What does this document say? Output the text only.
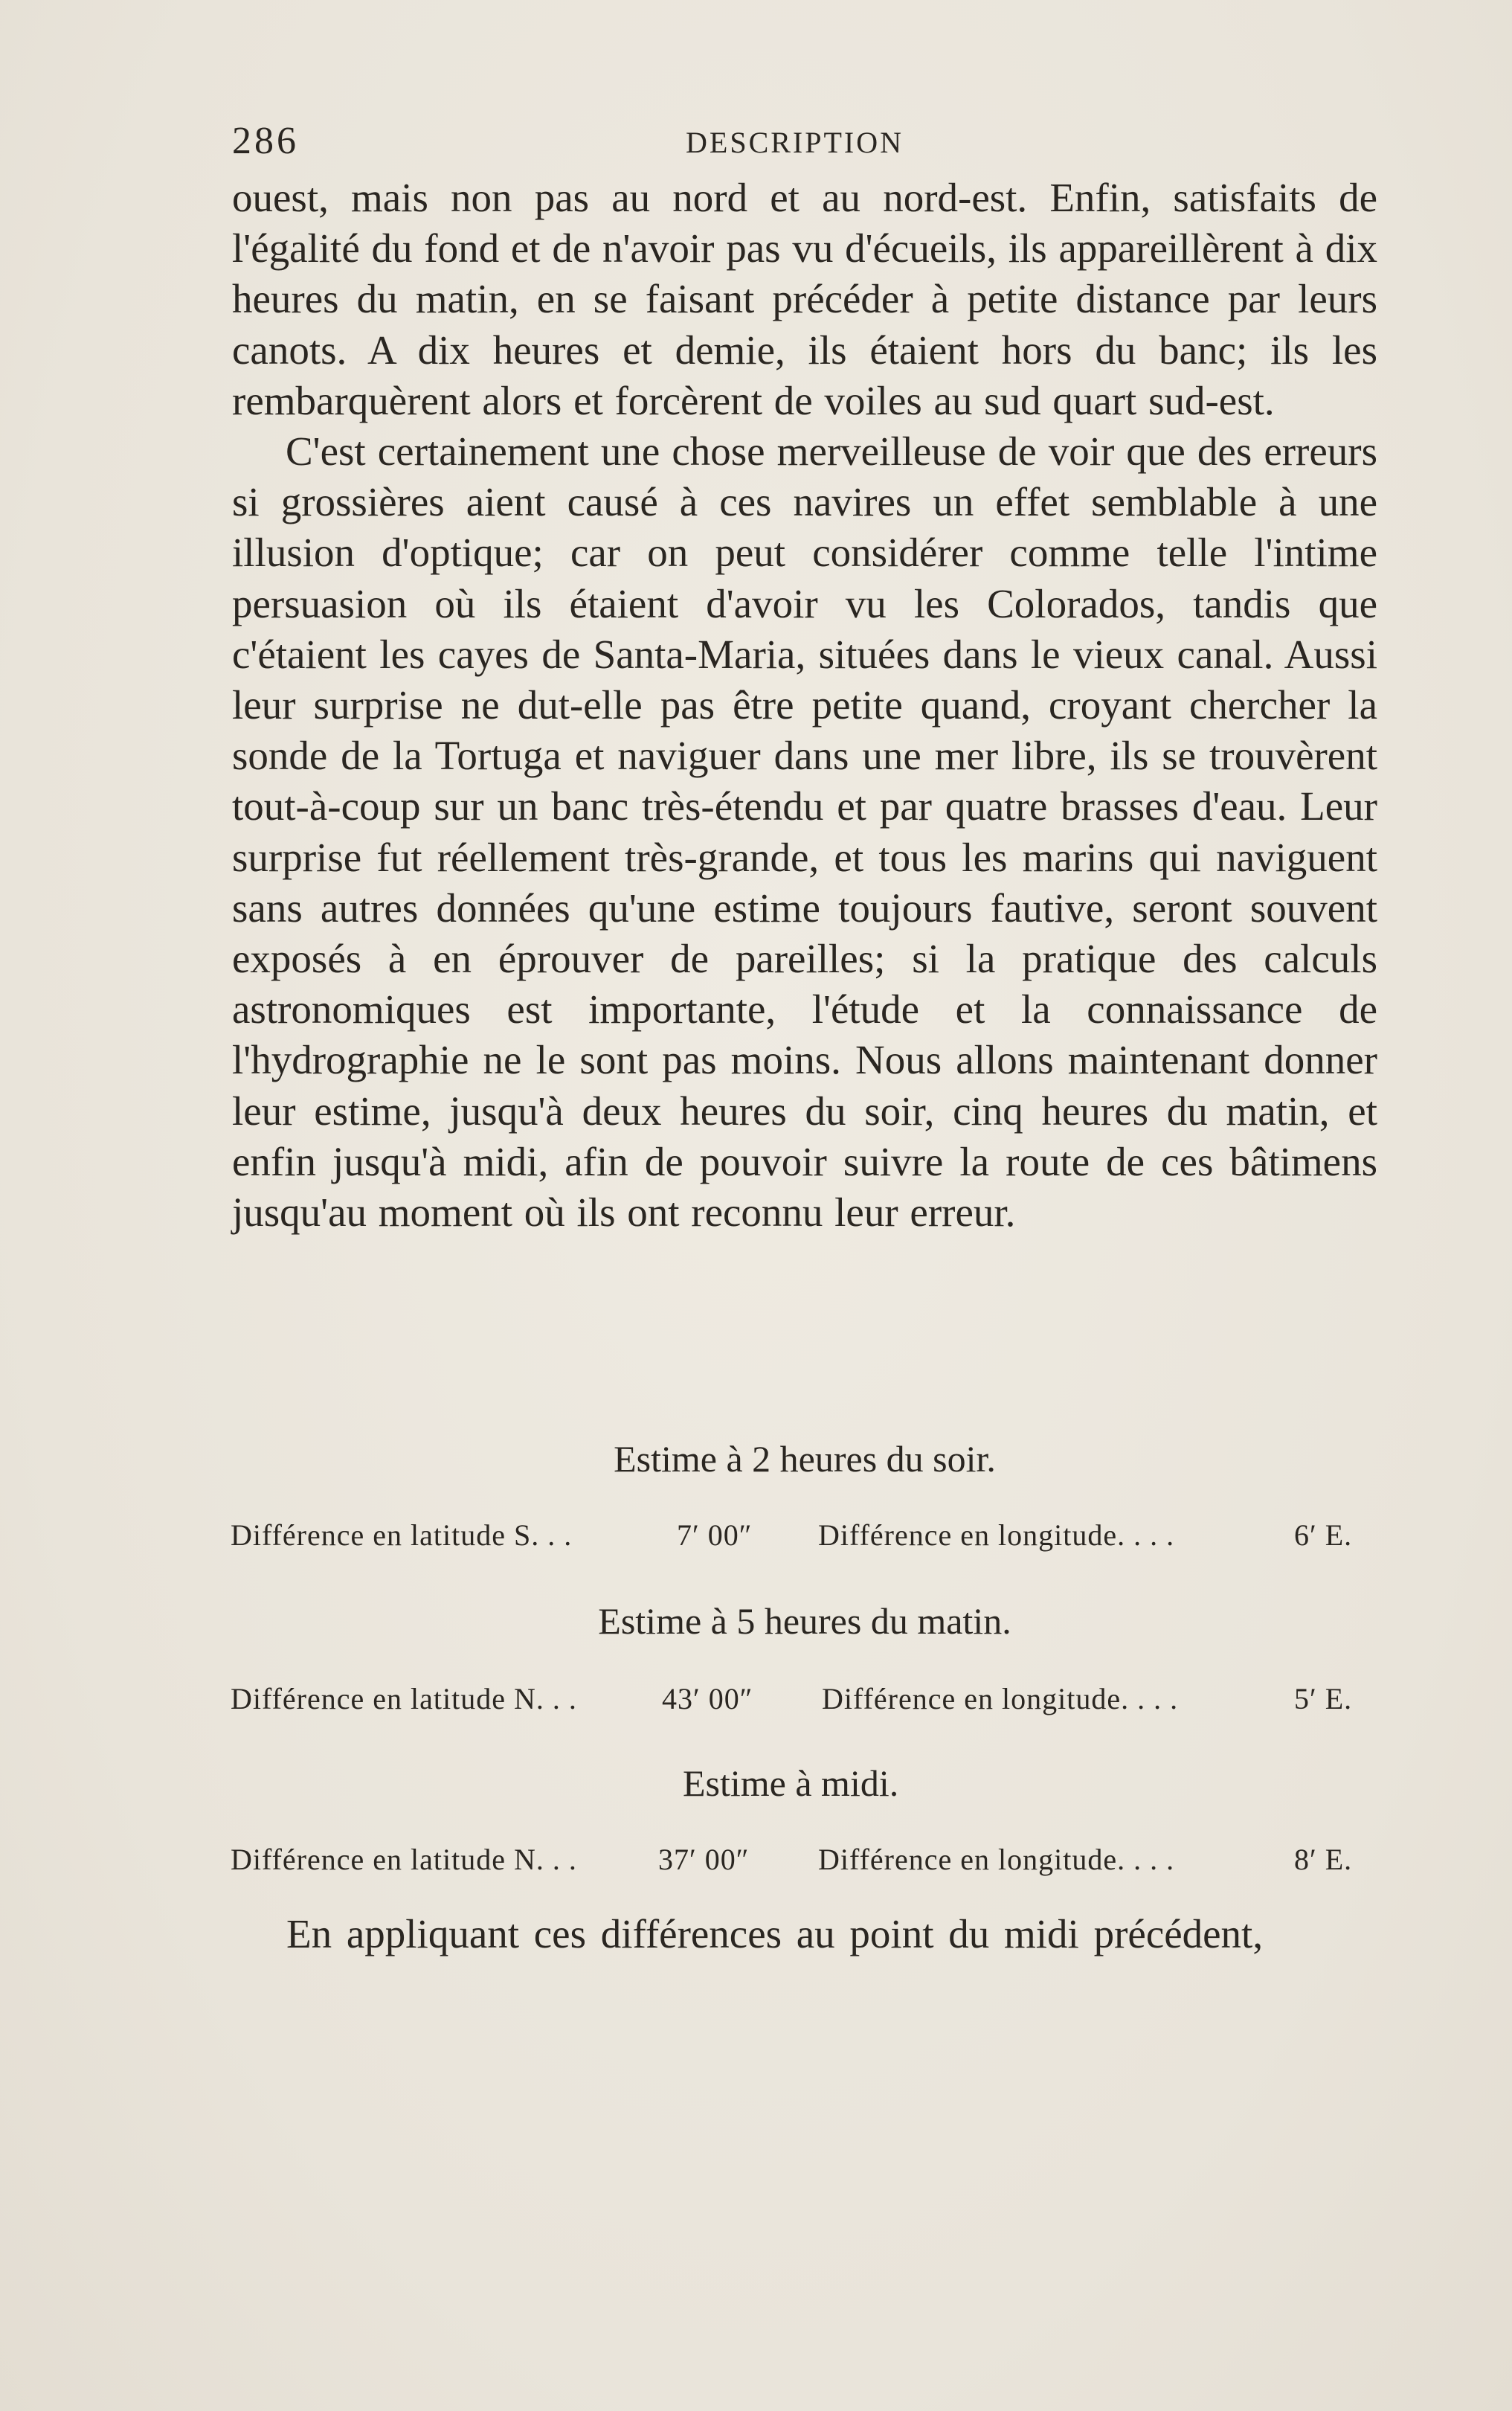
286	DESCRIPTION

ouest, mais non pas au nord et au nord-est. Enfin, satisfaits de l'égalité du fond et de n'avoir pas vu d'écueils, ils appareillèrent à dix heures du matin, en se faisant précéder à petite distance par leurs canots. A dix heures et demie, ils étaient hors du banc; ils les rembarquèrent alors et forcèrent de voiles au sud quart sud-est.

C'est certainement une chose merveilleuse de voir que des erreurs si grossières aient causé à ces navires un effet semblable à une illusion d'optique; car on peut considérer comme telle l'intime persuasion où ils étaient d'avoir vu les Colorados, tandis que c'étaient les cayes de Santa-Maria, situées dans le vieux canal. Aussi leur surprise ne dut-elle pas être petite quand, croyant chercher la sonde de la Tortuga et naviguer dans une mer libre, ils se trouvèrent tout-à-coup sur un banc très-étendu et par quatre brasses d'eau. Leur surprise fut réellement très-grande, et tous les marins qui naviguent sans autres données qu'une estime toujours fautive, seront souvent exposés à en éprouver de pareilles; si la pratique des calculs astronomiques est importante, l'étude et la connaissance de l'hydrographie ne le sont pas moins. Nous allons maintenant donner leur estime, jusqu'à deux heures du soir, cinq heures du matin, et enfin jusqu'à midi, afin de pouvoir suivre la route de ces bâtimens jusqu'au moment où ils ont reconnu leur erreur.

Estime à 2 heures du soir.
Différence en latitude S. . .	7′ 00″ Différence en longitude. . . .	6′ E.
Estime à 5 heures du matin.
Différence en latitude N. . .	43′ 00″ Différence en longitude. . . .	5′ E.
Estime à midi.
Différence en latitude N. . .	37′ 00″ Différence en longitude. . . .	8′ E.
En appliquant ces différences au point du midi précédent,
